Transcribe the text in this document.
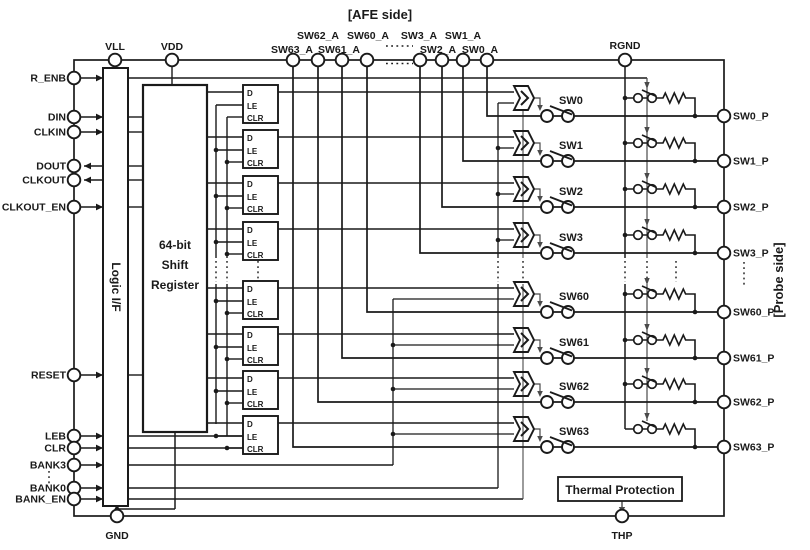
VLL	VDD	RGND
R_ENB
DIN
CLKIN
DOUT
CLKOUT
CLKOUT_EN
RESET
LEB
CLR
BANK3
BANK0
BANK_EN
GND	THP
SW63_A
SW62_A
SW61_A
SW60_A SW3_A
SW2_A
SW1_A
SW0_A
D
LE
CLR
SW0
SW0_P
D
LE
CLR
SW1
SW1_P
D
LE
CLR
SW2
SW2_P
D
LE
CLR
SW3
SW3_P
D
LE
CLR
SW60
SW60_P
D
LE
CLR
SW61
SW61_P
D
LE
CLR
SW62
SW62_P
D
LE
CLR
SW63
SW63_P
Logic I/F
64-bit
Shift
Register
Thermal Protection
[AFE side]
[Probe side]
